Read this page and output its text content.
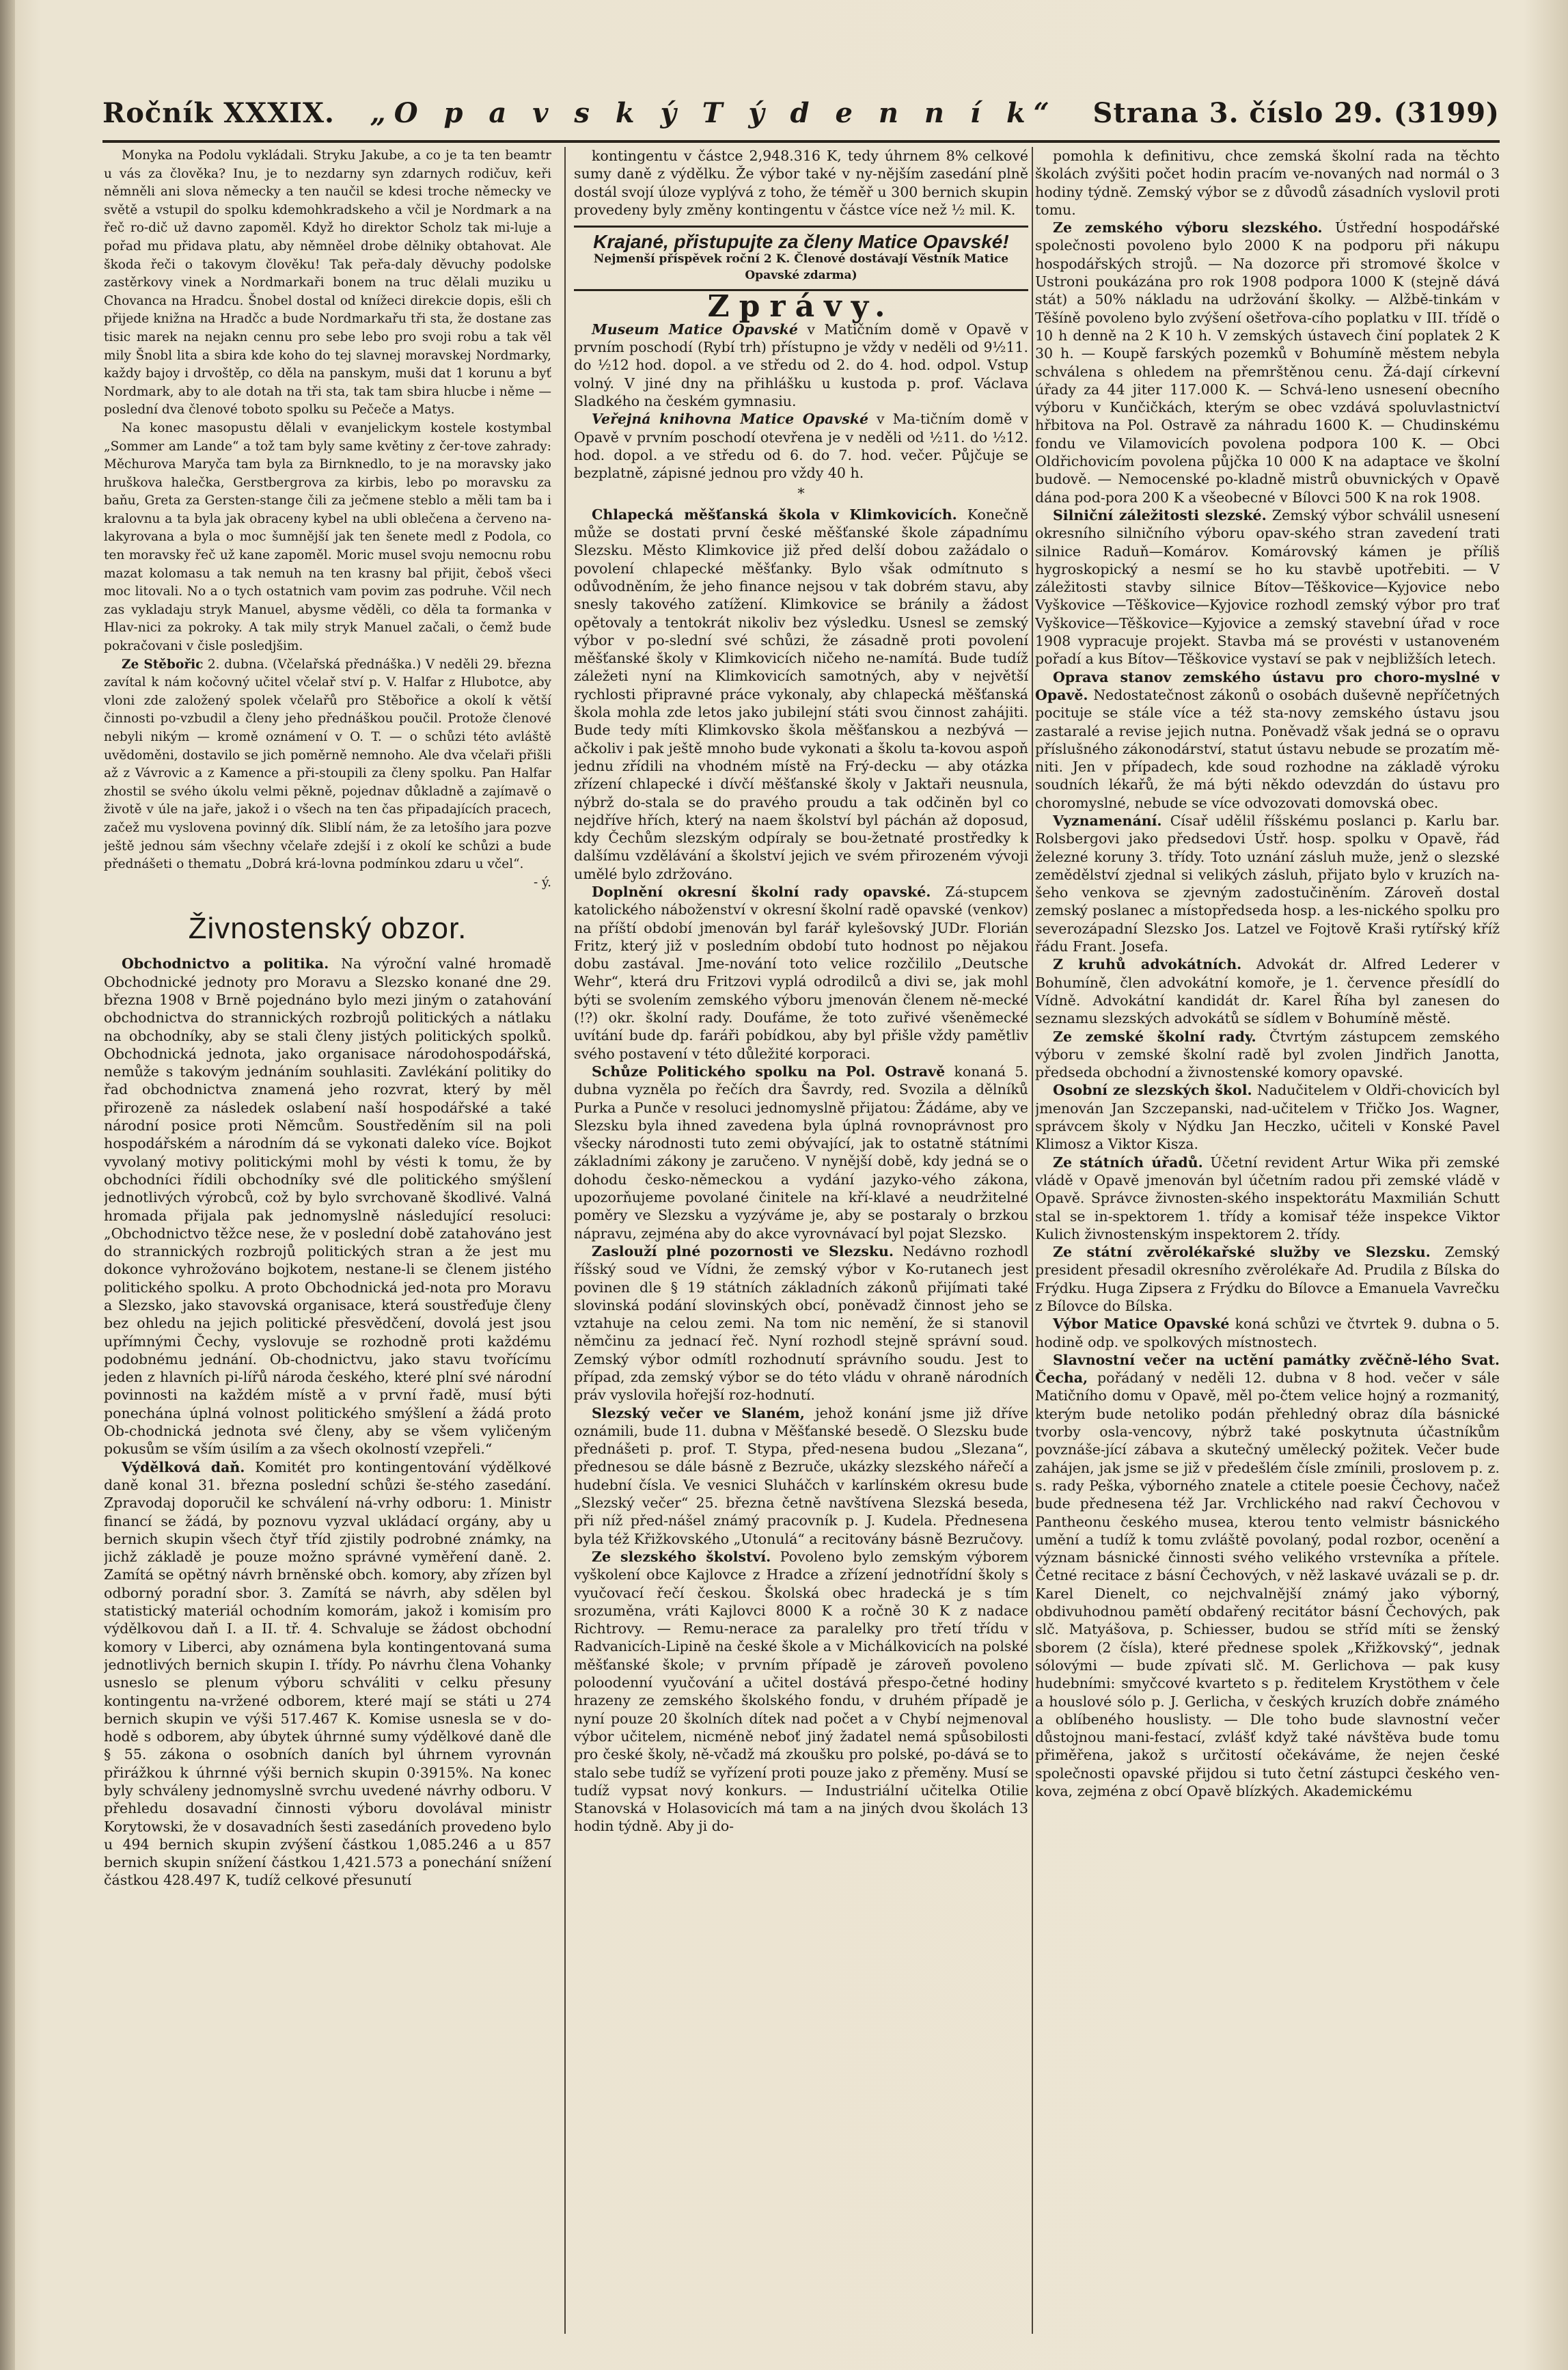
Ročník XXXIX. „O p a v s k ý T ý d e n n í k“ Strana 3. číslo 29. (3199)

Monyka na Podolu vykládali. Stryku Jakube, a co je ta ten beamtr u vás za člověka? Inu, je to nezdarny syn zdarnych rodičuv, keři němněli ani slova německy a ten naučil se kdesi troche německy ve světě a vstupil do spolku kdemohkradskeho a včil je Nordmark a na řeč ro-dič už davno zapoměl. Když ho direktor Scholz tak mi-luje a pořad mu přidava platu, aby němněel drobe dělniky obtahovat. Ale škoda řeči o takovym člověku! Tak peřa-daly děvuchy podolske zastěrkovy vinek a Nordmarkaři bonem na truc dělali muziku u Chovanca na Hradcu. Šnobel dostal od knížeci direkcie dopis, ešli ch přijede knižna na Hradčc a bude Nordmarkařu tři sta, že dostane zas tisic marek na nejakn cennu pro sebe lebo pro svoji robu a tak věl mily Šnobl lita a sbira kde koho do tej slavnej moravskej Nordmarky, každy bajoy i drvoštěp, co děla na panskym, muši dat 1 korunu a byť Nordmark, aby to ale dotah na tři sta, tak tam sbira hlucbe i něme — poslední dva členové toboto spolku su Pečeče a Matys.

Na konec masopustu dělali v evanjelickym kostele kostymbal „Sommer am Lande“ a tož tam byly same květiny z čer-tove zahrady: Měchurova Maryča tam byla za Birnknedlo, to je na moravsky jako hruškova halečka, Gerstbergrova za kirbis, lebo po moravsku za baňu, Greta za Gersten-stange čili za ječmene steblo a měli tam ba i kralovnu a ta byla jak obraceny kybel na ubli oblečena a červeno na-lakyrovana a byla o moc šumnější jak ten šenete medl z Podola, co ten moravsky řeč už kane zapoměl. Moric musel svoju nemocnu robu mazat kolomasu a tak nemuh na ten krasny bal přijit, čeboš všeci moc litovali. No a o tych ostatnich vam povim zas podruhe. Včil nech zas vykladaju stryk Manuel, abysme věděli, co děla ta formanka v Hlav-nici za pokroky. A tak mily stryk Manuel začali, o čemž bude pokračovani v čisle posledjšim.

Ze Stěbořic 2. dubna. (Včelařská přednáška.) V neděli 29. března zavítal k nám kočovný učitel včelař ství p. V. Halfar z Hlubotce, aby vloni zde založený spolek včelařů pro Stěbořice a okolí k větší činnosti po-vzbudil a členy jeho přednáškou poučil. Protože členové nebyli nikým — kromě oznámení v O. T. — o schůzi této avláště uvědoměni, dostavilo se jich poměrně nemnoho. Ale dva včelaři přišli až z Vávrovic a z Kamence a při-stoupili za členy spolku. Pan Halfar zhostil se svého úkolu velmi pěkně, pojednav důkladně a zajímavě o životě v úle na jaře, jakož i o všech na ten čas připadajících pracech, začež mu vyslovena povinný dík. Sliblí nám, že za letošího jara pozve ještě jednou sám všechny včelaře zdejší i z okolí ke schůzi a bude přednášeti o thematu „Dobrá krá-lovna podmínkou zdaru u včel“.

- ý.
Živnostenský obzor.

Obchodnictvo a politika. Na výroční valné hromadě Obchodnické jednoty pro Moravu a Slezsko konané dne 29. března 1908 v Brně pojednáno bylo mezi jiným o zatahování obchodnictva do strannických rozbrojů politických a nátlaku na obchodníky, aby se stali členy jistých politických spolků. Obchodnická jednota, jako organisace národohospodářská, nemůže s takovým jednáním souhlasiti. Zavlékání politiky do řad obchodnictva znamená jeho rozvrat, který by měl přirozeně za následek oslabení naší hospodářské a také národní posice proti Němcům. Soustředěním sil na poli hospodářském a národním dá se vykonati daleko více. Bojkot vyvolaný motivy politickými mohl by vésti k tomu, že by obchodníci řídili obchodníky své dle politického smýšlení jednotlivých výrobců, což by bylo svrchovaně škodlivé. Valná hromada přijala pak jednomyslně následující resoluci: „Obchodnictvo těžce nese, že v poslední době zatahováno jest do strannických rozbrojů politických stran a že jest mu dokonce vyhrožováno bojkotem, nestane-li se členem jistého politického spolku. A proto Obchodnická jed-nota pro Moravu a Slezsko, jako stavovská organisace, která soustřeďuje členy bez ohledu na jejich politické přesvědčení, dovolá jest jsou upřímnými Čechy, vyslovuje se rozhodně proti každému podobnému jednání. Ob-chodnictvu, jako stavu tvořícímu jeden z hlavních pi-lířů národa českého, které plní své národní povinnosti na každém místě a v první řadě, musí býti ponechána úplná volnost politického smýšlení a žádá proto Ob-chodnická jednota své členy, aby se všem vyličeným pokusům se vším úsilím a za všech okolností vzepřeli.“

Výdělková daň. Komitét pro kontingentování výdělkové daně konal 31. března poslední schůzi še-stého zasedání. Zpravodaj doporučil ke schválení ná-vrhy odboru: 1. Ministr financí se žádá, by poznovu vyzval ukládací orgány, aby u bernich skupin všech čtyř tříd zjistily podrobné známky, na jichž základě je pouze možno správné vyměření daně. 2. Zamítá se opětný návrh brněnské obch. komory, aby zřízen byl odborný poradní sbor. 3. Zamítá se návrh, aby sdělen byl statistický materiál ochodním komorám, jakož i komisím pro výdělkovou daň I. a II. tř. 4. Schvaluje se žádost obchodní komory v Liberci, aby oznámena byla kontingentovaná suma jednotlivých bernich skupin I. třídy. Po návrhu člena Vohanky usneslo se plenum výboru schváliti v celku přesuny kontingentu na-vržené odborem, které mají se státi u 274 bernich skupin ve výši 517.467 K. Komise usnesla se v do-hodě s odborem, aby úbytek úhrnné sumy výdělkové daně dle § 55. zákona o osobních daních byl úhrnem vyrovnán přirážkou k úhrnné výši bernich skupin 0·3915%. Na konec byly schváleny jednomyslně svrchu uvedené návrhy odboru. V přehledu dosavadní činnosti výboru dovolával ministr Korytowski, že v dosavadních šesti zasedáních provedeno bylo u 494 bernich skupin zvýšení částkou 1,085.246 a u 857 bernich skupin snížení částkou 1,421.573 a ponechání snížení částkou 428.497 K, tudíž celkové přesunutí

kontingentu v částce 2,948.316 K, tedy úhrnem 8% celkové sumy daně z výdělku. Že výbor také v ny-nějším zasedání plně dostál svojí úloze vyplývá z toho, že téměř u 300 bernich skupin provedeny byly změny kontingentu v částce více než ½ mil. K.

Krajané, přistupujte za členy Matice Opavské!
Nejmenší příspěvek roční 2 K. Členové dostávají Věstník Matice Opavské zdarma)
Zprávy.

Museum Matice Opavské v Matičním domě v Opavě v prvním poschodí (Rybí trh) přístupno je vždy v neděli od 9½11. do ½12 hod. dopol. a ve středu od 2. do 4. hod. odpol. Vstup volný. V jiné dny na přihlášku u kustoda p. prof. Václava Sladkého na českém gymnasiu.

Veřejná knihovna Matice Opavské v Ma-tičním domě v Opavě v prvním poschodí otevřena je v neděli od ½11. do ½12. hod. dopol. a ve středu od 6. do 7. hod. večer. Půjčuje se bezplatně, zápisné jednou pro vždy 40 h.

*

Chlapecká měšťanská škola v Klimkovicích. Konečně může se dostati první české měšťanské škole západnímu Slezsku. Město Klimkovice již před delší dobou zažádalo o povolení chlapecké měšťanky. Bylo však odmítnuto s odůvodněním, že jeho finance nejsou v tak dobrém stavu, aby snesly takového zatížení. Klimkovice se bránily a žádost opětovaly a tentokrát nikoliv bez výsledku. Usnesl se zemský výbor v po-slední své schůzi, že zásadně proti povolení měšťanské školy v Klimkovicích ničeho ne-namítá. Bude tudíž záležeti nyní na Klimkovicích samotných, aby v největší rychlosti připravné práce vykonaly, aby chlapecká měšťanská škola mohla zde letos jako jubilejní státi svou činnost zahájiti. Bude tedy míti Klimkovsko škola měšťanskou a nezbývá — ačkoliv i pak ještě mnoho bude vykonati a školu ta-kovou aspoň jednu zřídili na vhodném místě na Frý-decku — aby otázka zřízení chlapecké i dívčí měšťanské školy v Jaktaři neusnula, nýbrž do-stala se do pravého proudu a tak odčiněn byl co nejdříve hřích, který na naem školství byl páchán až doposud, kdy Čechům slezským odpíraly se bou-žetnaté prostředky k dalšímu vzdělávání a školství jejich ve svém přirozeném vývoji umělé bylo zdržováno.

Doplnění okresní školní rady opavské. Zá-stupcem katolického náboženství v okresní školní radě opavské (venkov) na příští období jmenován byl farář kylešovský JUDr. Florián Fritz, který již v posledním období tuto hodnost po nějakou dobu zastával. Jme-nování toto velice rozčililo „Deutsche Wehr“, která dru Fritzovi vyplá odrodilců a divi se, jak mohl býti se svolením zemského výboru jmenován členem ně-mecké (!?) okr. školní rady. Doufáme, že toto zuřivé všeněmecké uvítání bude dp. faráři pobídkou, aby byl přišle vždy pamětliv svého postavení v této důležité korporaci.

Schůze Politického spolku na Pol. Ostravě konaná 5. dubna vyzněla po řečích dra Šavrdy, red. Svozila a dělníků Purka a Punče v resoluci jednomyslně přijatou: Žádáme, aby ve Slezsku byla ihned zavedena byla úplná rovnoprávnost pro všecky národnosti tuto zemi obývající, jak to ostatně státními základními zákony je zaručeno. V nynější době, kdy jedná se o dohodu česko-německou a vydání jazyko-vého zákona, upozorňujeme povolané činitele na kří-klavé a neudržitelné poměry ve Slezsku a vyzýváme je, aby se postaraly o brzkou nápravu, zejména aby do akce vyrovnávací byl pojat Slezsko.

Zaslouží plné pozornosti ve Slezsku. Nedávno rozhodl říšský soud ve Vídni, že zemský výbor v Ko-rutanech jest povinen dle § 19 státních základních zákonů přijímati také slovinská podání slovinských obcí, poněvadž činnost jeho se vztahuje na celou zemi. Na tom nic nemění, že si stanovil němčinu za jednací řeč. Nyní rozhodl stejně správní soud. Zemský výbor odmítl rozhodnutí správního soudu. Jest to případ, zda zemský výbor se do této vládu v ohraně národních práv vyslovila hořejší roz-hodnutí.

Slezský večer ve Slaném, jehož konání jsme již dříve oznámili, bude 11. dubna v Měšťanské besedě. O Slezsku bude přednášeti p. prof. T. Stypa, před-nesena budou „Slezana“, přednesou se dále básně z Bezruče, ukázky slezského nářečí a hudební čísla. Ve vesnici Sluháčch v karlínském okresu bude „Slezský večer“ 25. března četně navštívena Slezská beseda, při níž před-nášel známý pracovník p. J. Kudela. Přednesena byla též Křižkovského „Utonulá“ a recitovány básně Bezručovy.

Ze slezského školství. Povoleno bylo zemským výborem vyškolení obce Kajlovce z Hradce a zřízení jednotřídní školy s vyučovací řečí českou. Školská obec hradecká je s tím srozuměna, vráti Kajlovci 8000 K a ročně 30 K z nadace Richtrovy. — Remu-nerace za paralelky pro třetí třídu v Radvanicích-Lipině na české škole a v Michálkovicích na polské měšťanské škole; v prvním případě je zároveň povoleno poloodenní vyučování a učitel dostává přespo-četné hodiny hrazeny ze zemského školského fondu, v druhém případě je nyní pouze 20 školních dítek nad počet a v Chybí nejmenoval výbor učitelem, nicméně neboť jiný žadatel nemá spůsobilosti pro české školy, ně-včadž má zkoušku pro polské, po-dává se to stalo sebe tudíž se vyřízení proti pouze jako z přeměny. Musí se tudíž vypsat nový konkurs. — Industriální učitelka Otilie Stanovská v Holasovicích má tam a na jiných dvou školách 13 hodin týdně. Aby ji do-

pomohla k definitivu, chce zemská školní rada na těchto školách zvýšiti počet hodin pracím ve-novaných nad normál o 3 hodiny týdně. Zemský výbor se z důvodů zásadních vyslovil proti tomu.

Ze zemského výboru slezského. Ústřední hospodářské společnosti povoleno bylo 2000 K na podporu při nákupu hospodářských strojů. — Na dozorce při stromové školce v Ustroni poukázána pro rok 1908 podpora 1000 K (stejně dává stát) a 50% nákladu na udržování školky. — Alžbě-tinkám v Těšíně povoleno bylo zvýšení ošetřova-cího poplatku v III. třídě o 10 h denně na 2 K 10 h. V zemských ústavech činí poplatek 2 K 30 h. — Koupě farských pozemků v Bohumíně městem nebyla schválena s ohledem na přemrštěnou cenu. Žá-dají církevní úřady za 44 jiter 117.000 K. — Schvá-leno usnesení obecního výboru v Kunčičkách, kterým se obec vzdává spoluvlastnictví hřbitova na Pol. Ostravě za náhradu 1600 K. — Chudinskému fondu ve Vilamovicích povolena podpora 100 K. — Obci Oldřichovicím povolena půjčka 10 000 K na adaptace ve školní budově. — Nemocenské po-kladně mistrů obuvnických v Opavě dána pod-pora 200 K a všeobecné v Bílovci 500 K na rok 1908.

Silniční záležitosti slezské. Zemský výbor schválil usnesení okresního silničního výboru opav-ského stran zavedení trati silnice Raduň—Komárov. Komárovský kámen je příliš hygroskopický a nesmí se ho ku stavbě upotřebiti. — V záležitosti stavby silnice Bítov—Těškovice—Kyjovice nebo Vyškovice —Těškovice—Kyjovice rozhodl zemský výbor pro trať Vyškovice—Těškovice—Kyjovice a zemský stavební úřad v roce 1908 vypracuje projekt. Stavba má se provésti v ustanoveném pořadí a kus Bítov—Těškovice vystaví se pak v nejbližších letech.

Oprava stanov zemského ústavu pro choro-myslné v Opavě. Nedostatečnost zákonů o osobách duševně nepříčetných pocituje se stále více a též sta-novy zemského ústavu jsou zastaralé a revise jejich nutna. Poněvadž však jedná se o opravu příslušného zákonodárství, statut ústavu nebude se prozatím mě-niti. Jen v případech, kde soud rozhodne na základě výroku soudních lékařů, že má býti někdo odevzdán do ústavu pro choromyslné, nebude se více odvozovati domovská obec.

Vyznamenání. Císař udělil říšskému poslanci p. Karlu bar. Rolsbergovi jako předsedovi Ústř. hosp. spolku v Opavě, řád železné koruny 3. třídy. Toto uznání zásluh muže, jenž o slezské zemědělství zjednal si velikých zásluh, přijato bylo v kruzích na-šeho venkova se zjevným zadostučiněním. Zároveň dostal zemský poslanec a místopředseda hosp. a les-nického spolku pro severozápadní Slezsko Jos. Latzel ve Fojtově Kraši rytířský kříž řádu Frant. Josefa.

Z kruhů advokátních. Advokát dr. Alfred Lederer v Bohumíně, člen advokátní komoře, je 1. července přesídlí do Vídně. Advokátní kandidát dr. Karel Říha byl zanesen do seznamu slezských advokátů se sídlem v Bohumíně městě.

Ze zemské školní rady. Čtvrtým zástupcem zemského výboru v zemské školní radě byl zvolen Jindřich Janotta, předseda obchodní a živnostenské komory opavské.

Osobní ze slezských škol. Nadučitelem v Oldři-chovicích byl jmenován Jan Szczepanski, nad-učitelem v Třičko Jos. Wagner, správcem školy v Nýdku Jan Heczko, učiteli v Konské Pavel Klimosz a Viktor Kisza.

Ze státních úřadů. Účetní revident Artur Wika při zemské vládě v Opavě jmenován byl účetním radou při zemské vládě v Opavě. Správce živnosten-ského inspektorátu Maxmilián Schutt stal se in-spektorem 1. třídy a komisař téže inspekce Viktor Kulich živnostenským inspektorem 2. třídy.

Ze státní zvěrolékařské služby ve Slezsku. Zemský president přesadil okresního zvěrolékaře Ad. Prudila z Bílska do Frýdku. Huga Zipsera z Frýdku do Bílovce a Emanuela Vavrečku z Bílovce do Bílska.

Výbor Matice Opavské koná schůzi ve čtvrtek 9. dubna o 5. hodině odp. ve spolkových místnostech.

Slavnostní večer na uctění památky zvěčně-lého Svat. Čecha, pořádaný v neděli 12. dubna v 8 hod. večer v sále Matičního domu v Opavě, měl po-čtem velice hojný a rozmanitý, kterým bude netoliko podán přehledný obraz díla básnické tvorby osla-vencovy, nýbrž také poskytnuta účastníkům povznáše-jící zábava a skutečný umělecký požitek. Večer bude zahájen, jak jsme se již v předešlém čísle zmínili, proslovem p. z. s. rady Peška, výborného znatele a ctitele poesie Čechovy, načež bude přednesena též Jar. Vrchlického nad rakví Čechovou v Pantheonu českého musea, kterou tento velmistr básnického umění a tudíž k tomu zvláště povolaný, podal rozbor, ocenění a význam básnické činnosti svého velikého vrstevníka a přítele. Četné recitace z básní Čechových, v něž laskavé uvázali se p. dr. Karel Dienelt, co nejchvalnější známý jako výborný, obdivuhodnou pamětí obdařený recitátor básní Čechových, pak slč. Matyášova, p. Schiesser, budou se stříd míti se ženský sborem (2 čísla), které přednese spolek „Křižkovský“, jednak sólovými — bude zpívati slč. M. Gerlichova — pak kusy hudebními: smyčcové kvarteto s p. ředitelem Krystöthem v čele a houslové sólo p. J. Gerlicha, v českých kruzích dobře známého a oblíbeného houslisty. — Dle toho bude slavnostní večer důstojnou mani-festací, zvlášť když také návštěva bude tomu přiměřena, jakož s určitostí očekáváme, že nejen české společnosti opavské přijdou si tuto četní zástupci českého ven-kova, zejména z obcí Opavě blízkých. Akademickému
